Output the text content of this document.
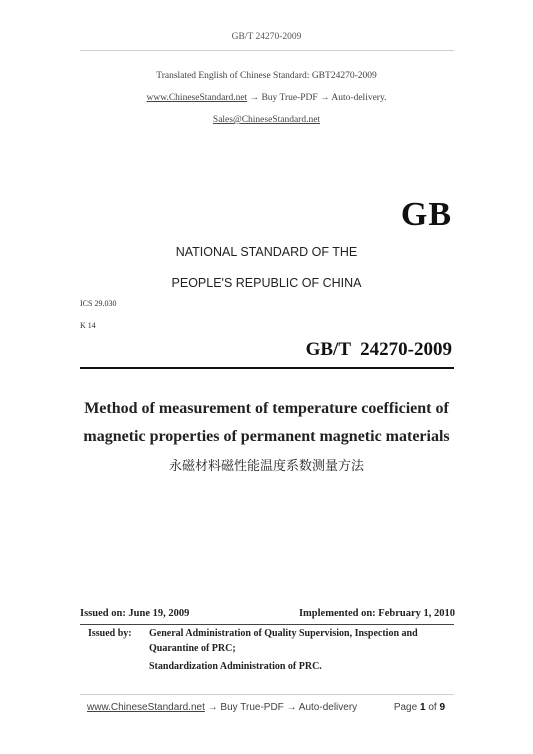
GB/T 24270-2009
Translated English of Chinese Standard: GBT24270-2009
www.ChineseStandard.net → Buy True-PDF → Auto-delivery.
Sales@ChineseStandard.net
GB
NATIONAL STANDARD OF THE
PEOPLE'S REPUBLIC OF CHINA
ICS 29.030
K 14
GB/T  24270-2009
Method of measurement of temperature coefficient of
magnetic properties of permanent magnetic materials
永磁材料磁性能温度系数测量方法
Issued on: June 19, 2009	Implemented on: February 1, 2010
Issued by: General Administration of Quality Supervision, Inspection and
Quarantine of PRC;
Standardization Administration of PRC.
www.ChineseStandard.net → Buy True-PDF → Auto-delivery	Page 1 of 9
